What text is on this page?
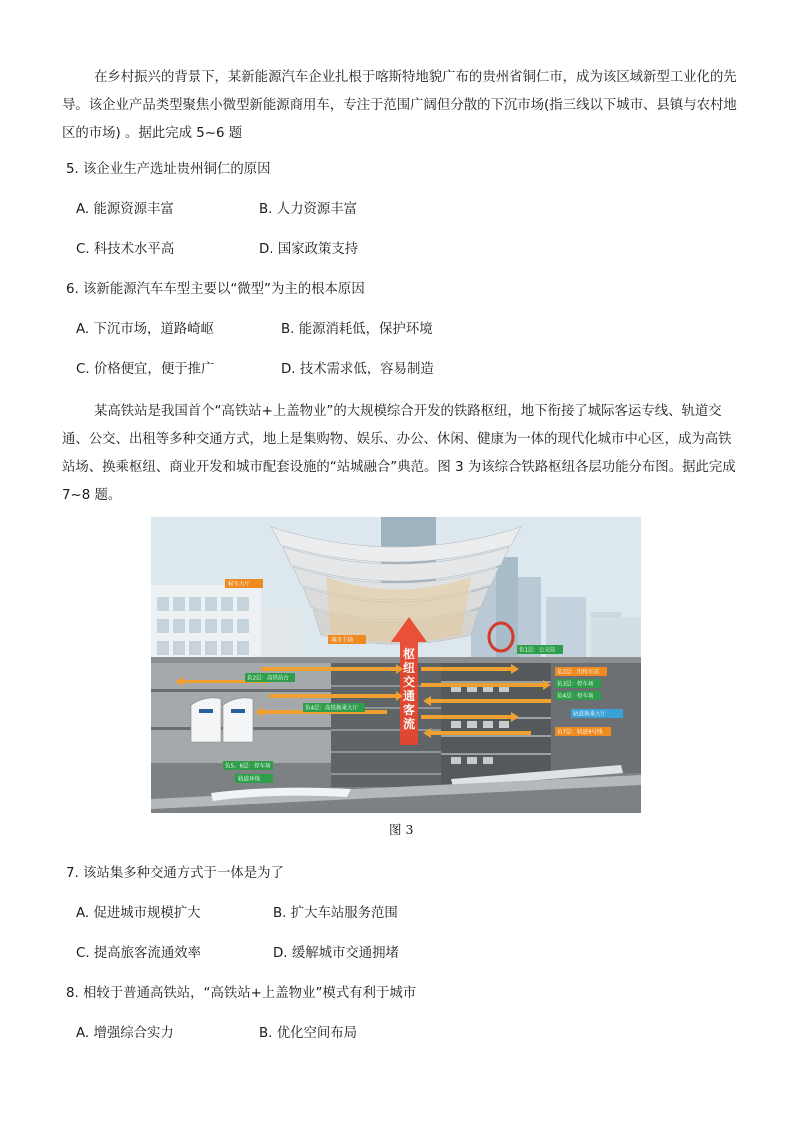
在乡村振兴的背景下，某新能源汽车企业扎根于喀斯特地貌广布的贵州省铜仁市，成为该区域新型工业化的先导。该企业产品类型聚焦小微型新能源商用车，专注于范围广阔但分散的下沉市场(指三线以下城市、县镇与农村地区的市场) 。据此完成 5~6 题

5. 该企业生产选址贵州铜仁的原因
A. 能源资源丰富	B. 人力资源丰富
C. 科技术水平高	D. 国家政策支持
6. 该新能源汽车车型主要以“微型”为主的根本原因
A. 下沉市场，道路崎岖	B. 能源消耗低，保护环境
C. 价格便宜，便于推广	D. 技术需求低，容易制造

某高铁站是我国首个“高铁站+上盖物业”的大规模综合开发的铁路枢纽，地下衔接了城际客运专线、轨道交通、公交、出租等多种交通方式，地上是集购物、娱乐、办公、休闲、健康为一体的现代化城市中心区，成为高铁站场、换乘枢纽、商业开发和城市配套设施的“站城融合”典范。图 3 为该综合铁路枢纽各层功能分布图。据此完成 7~8 题。

候车大厅
城市主轴
负2层：高铁站台
负4层：高铁换乘大厅
负5、6层：停车场
轨道环线
负1层：公交站
负2层：出租车站
负3层：停车场
负4层：停车场
轨道换乘大厅
负7层：轨道9号线
枢纽交通客流
图 3
7. 该站集多种交通方式于一体是为了
A. 促进城市规模扩大	B. 扩大车站服务范围
C. 提高旅客流通效率	D. 缓解城市交通拥堵
8. 相较于普通高铁站，“高铁站+上盖物业”模式有利于城市
A. 增强综合实力	B. 优化空间布局
